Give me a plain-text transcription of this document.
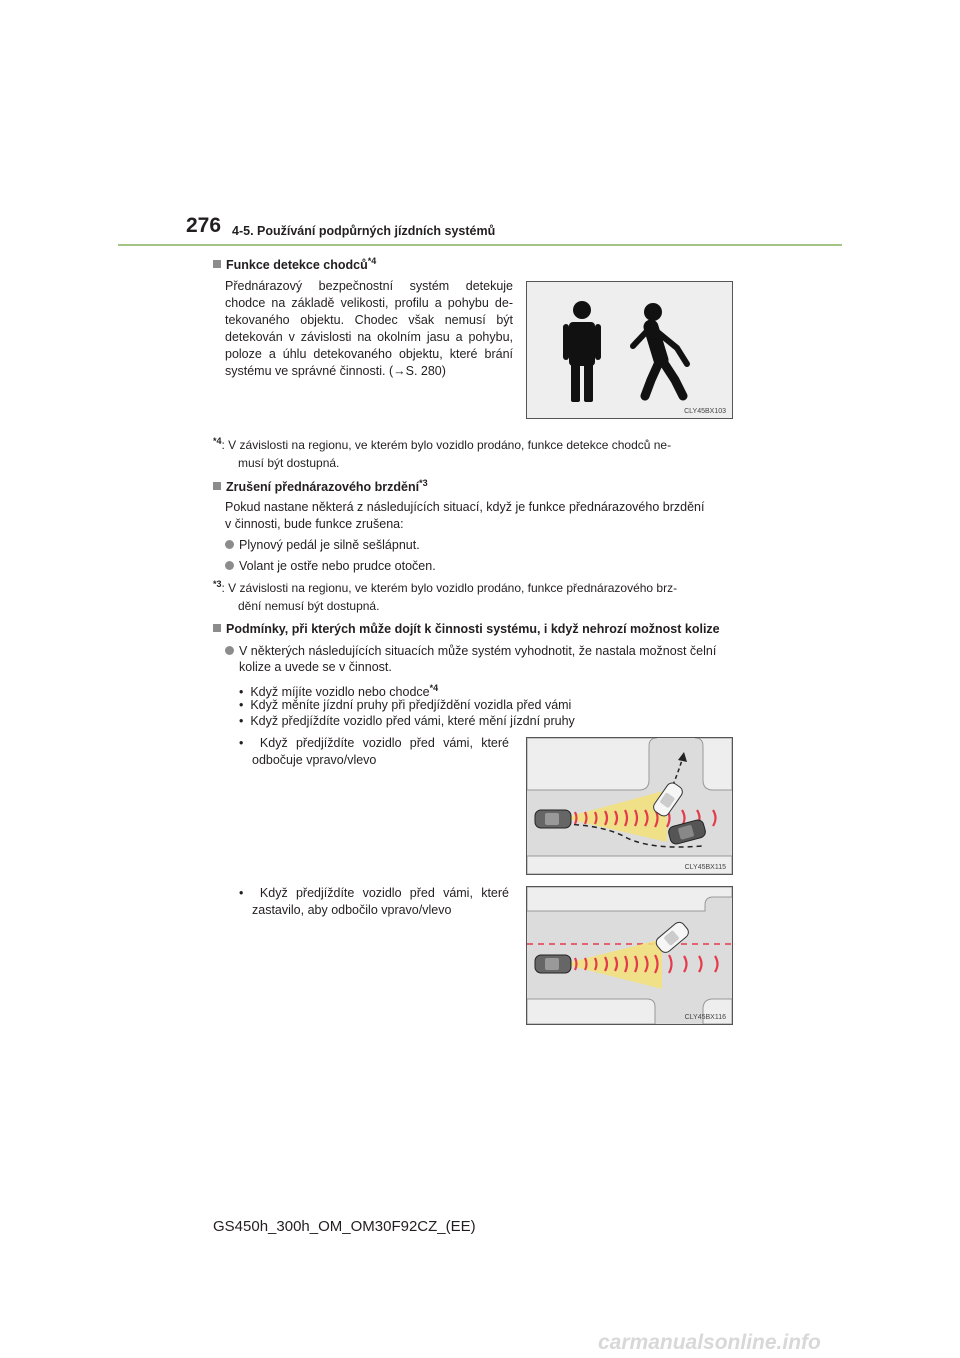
276 4-5. Používání podpůrných jízdních systémů
Funkce detekce chodců$^{*4}$
Přednárazový bezpečnostní systém detekuje
chodce na základě velikosti, profilu a pohybu de-
tekovaného objektu. Chodec však nemusí být
detekován v závislosti na okolním jasu a pohybu,
poloze a úhlu detekovaného objektu, které brání
systému ve správné činnosti. (→S. 280)
CLY45BX103
$^{*4}$: V závislosti na regionu, ve kterém bylo vozidlo prodáno, funkce detekce chodců ne-
musí být dostupná.
Zrušení přednárazového brzdění$^{*3}$
Pokud nastane některá z následujících situací, když je funkce přednárazového brzdění
v činnosti, bude funkce zrušena:
Plynový pedál je silně sešlápnut.
Volant je ostře nebo prudce otočen.
$^{*3}$: V závislosti na regionu, ve kterém bylo vozidlo prodáno, funkce přednárazového brz-
dění nemusí být dostupná.
Podmínky, při kterých může dojít k činnosti systému, i když nehrozí možnost kolize
V některých následujících situacích může systém vyhodnotit, že nastala možnost čelní
kolize a uvede se v činnost.
• Když míjíte vozidlo nebo chodce$^{*4}$
• Když měníte jízdní pruhy při předjíždění vozidla před vámi
• Když předjíždíte vozidlo před vámi, které mění jízdní pruhy
• Když předjíždíte vozidlo před vámi, které
odbočuje vpravo/vlevo
CLY45BX115
• Když předjíždíte vozidlo před vámi, které
zastavilo, aby odbočilo vpravo/vlevo
CLY45BX116
GS450h_300h_OM_OM30F92CZ_(EE)
carmanualsonline.info
